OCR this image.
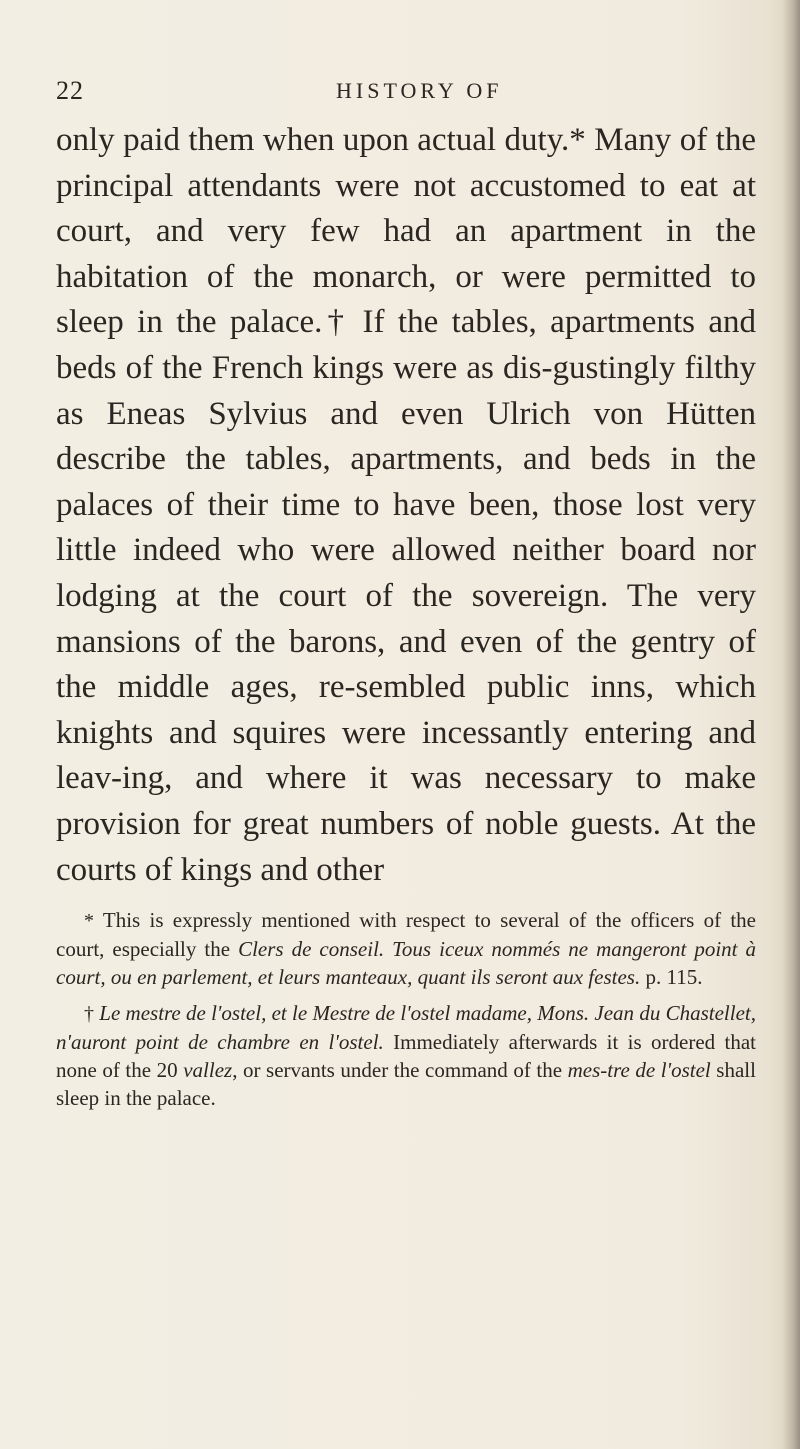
22	HISTORY OF

only paid them when upon actual duty.* Many of the principal attendants were not accustomed to eat at court, and very few had an apartment in the habitation of the monarch, or were permitted to sleep in the palace.† If the tables, apartments and beds of the French kings were as dis-gustingly filthy as Eneas Sylvius and even Ulrich von Hütten describe the tables, apartments, and beds in the palaces of their time to have been, those lost very little indeed who were allowed neither board nor lodging at the court of the sovereign. The very mansions of the barons, and even of the gentry of the middle ages, re-sembled public inns, which knights and squires were incessantly entering and leav-ing, and where it was necessary to make provision for great numbers of noble guests. At the courts of kings and other

* This is expressly mentioned with respect to several of the officers of the court, especially the Clers de conseil. Tous iceux nommés ne mangeront point à court, ou en parlement, et leurs manteaux, quant ils seront aux festes. p. 115.

† Le mestre de l'ostel, et le Mestre de l'ostel madame, Mons. Jean du Chastellet, n'auront point de chambre en l'ostel. Immediately afterwards it is ordered that none of the 20 vallez, or servants under the command of the mes-tre de l'ostel shall sleep in the palace.
